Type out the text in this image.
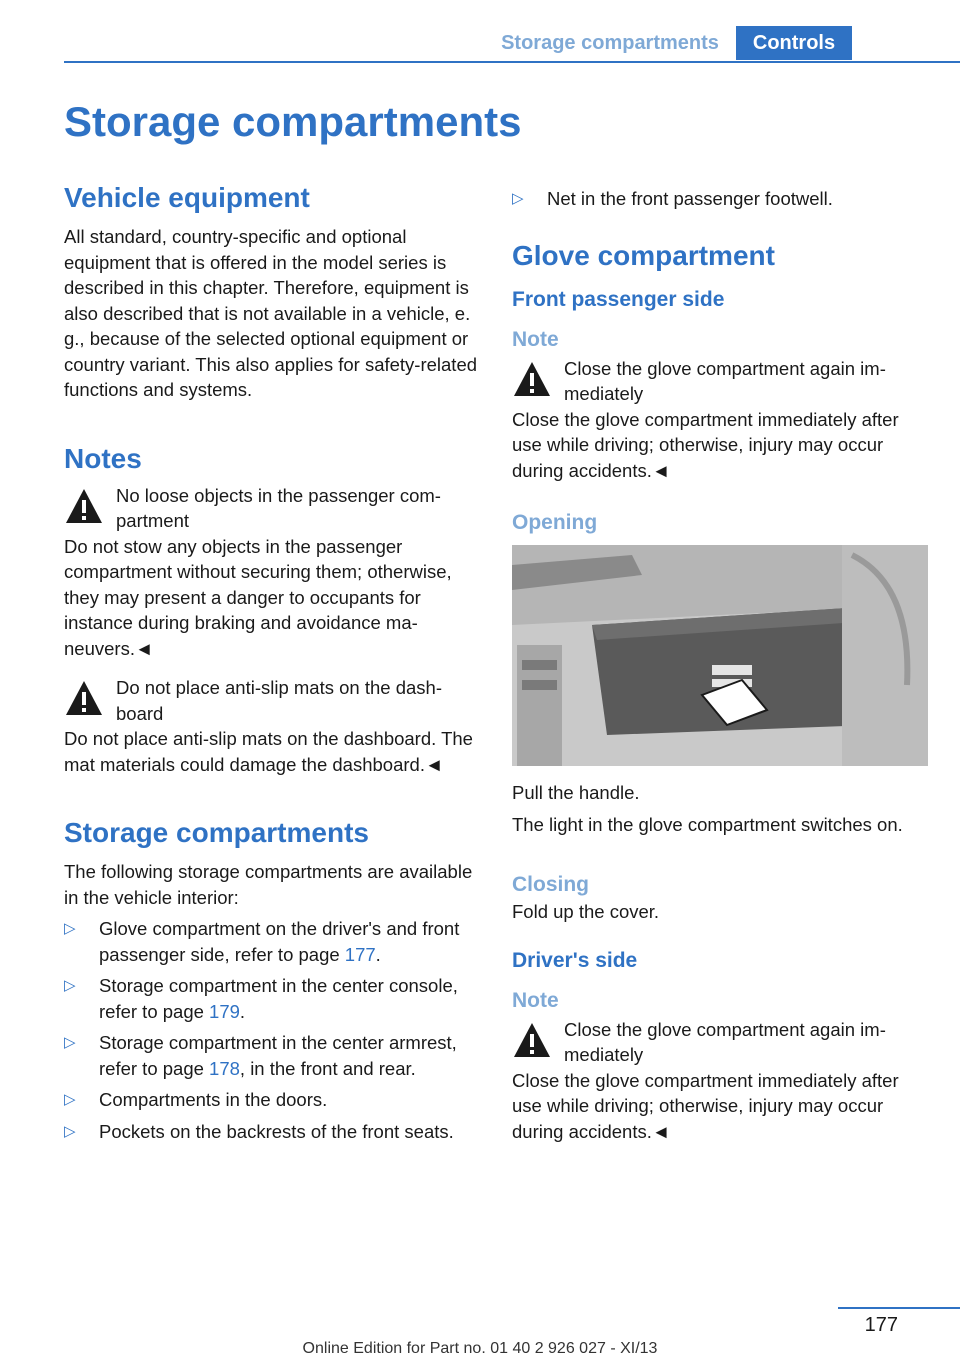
Storage compartments	Controls
Storage compartments
Vehicle equipment

All standard, country-specific and optional equipment that is offered in the model series is described in this chapter. Therefore, equipment is also described that is not available in a vehicle, e. g., because of the selected optional equipment or country variant. This also applies for safety-related functions and systems.

Notes
No loose objects in the passenger compartment

Do not stow any objects in the passenger compartment without securing them; otherwise, they may present a danger to occupants for instance during braking and avoidance maneuvers.◄

Do not place anti-slip mats on the dashboard

Do not place anti-slip mats on the dashboard. The mat materials could damage the dashboard.◄

Storage compartments

The following storage compartments are available in the vehicle interior:

▷ Glove compartment on the driver's and front passenger side, refer to page 177.
▷ Storage compartment in the center console, refer to page 179.
▷ Storage compartment in the center armrest, refer to page 178, in the front and rear.
▷ Compartments in the doors.
▷ Pockets on the backrests of the front seats.
▷ Net in the front passenger footwell.
Glove compartment
Front passenger side
Note
Close the glove compartment again immediately

Close the glove compartment immediately after use while driving; otherwise, injury may occur during accidents.◄

Opening

Pull the handle.

The light in the glove compartment switches on.

Closing

Fold up the cover.

Driver's side
Note
Close the glove compartment again immediately

Close the glove compartment immediately after use while driving; otherwise, injury may occur during accidents.◄

177
Online Edition for Part no. 01 40 2 926 027 - XI/13
